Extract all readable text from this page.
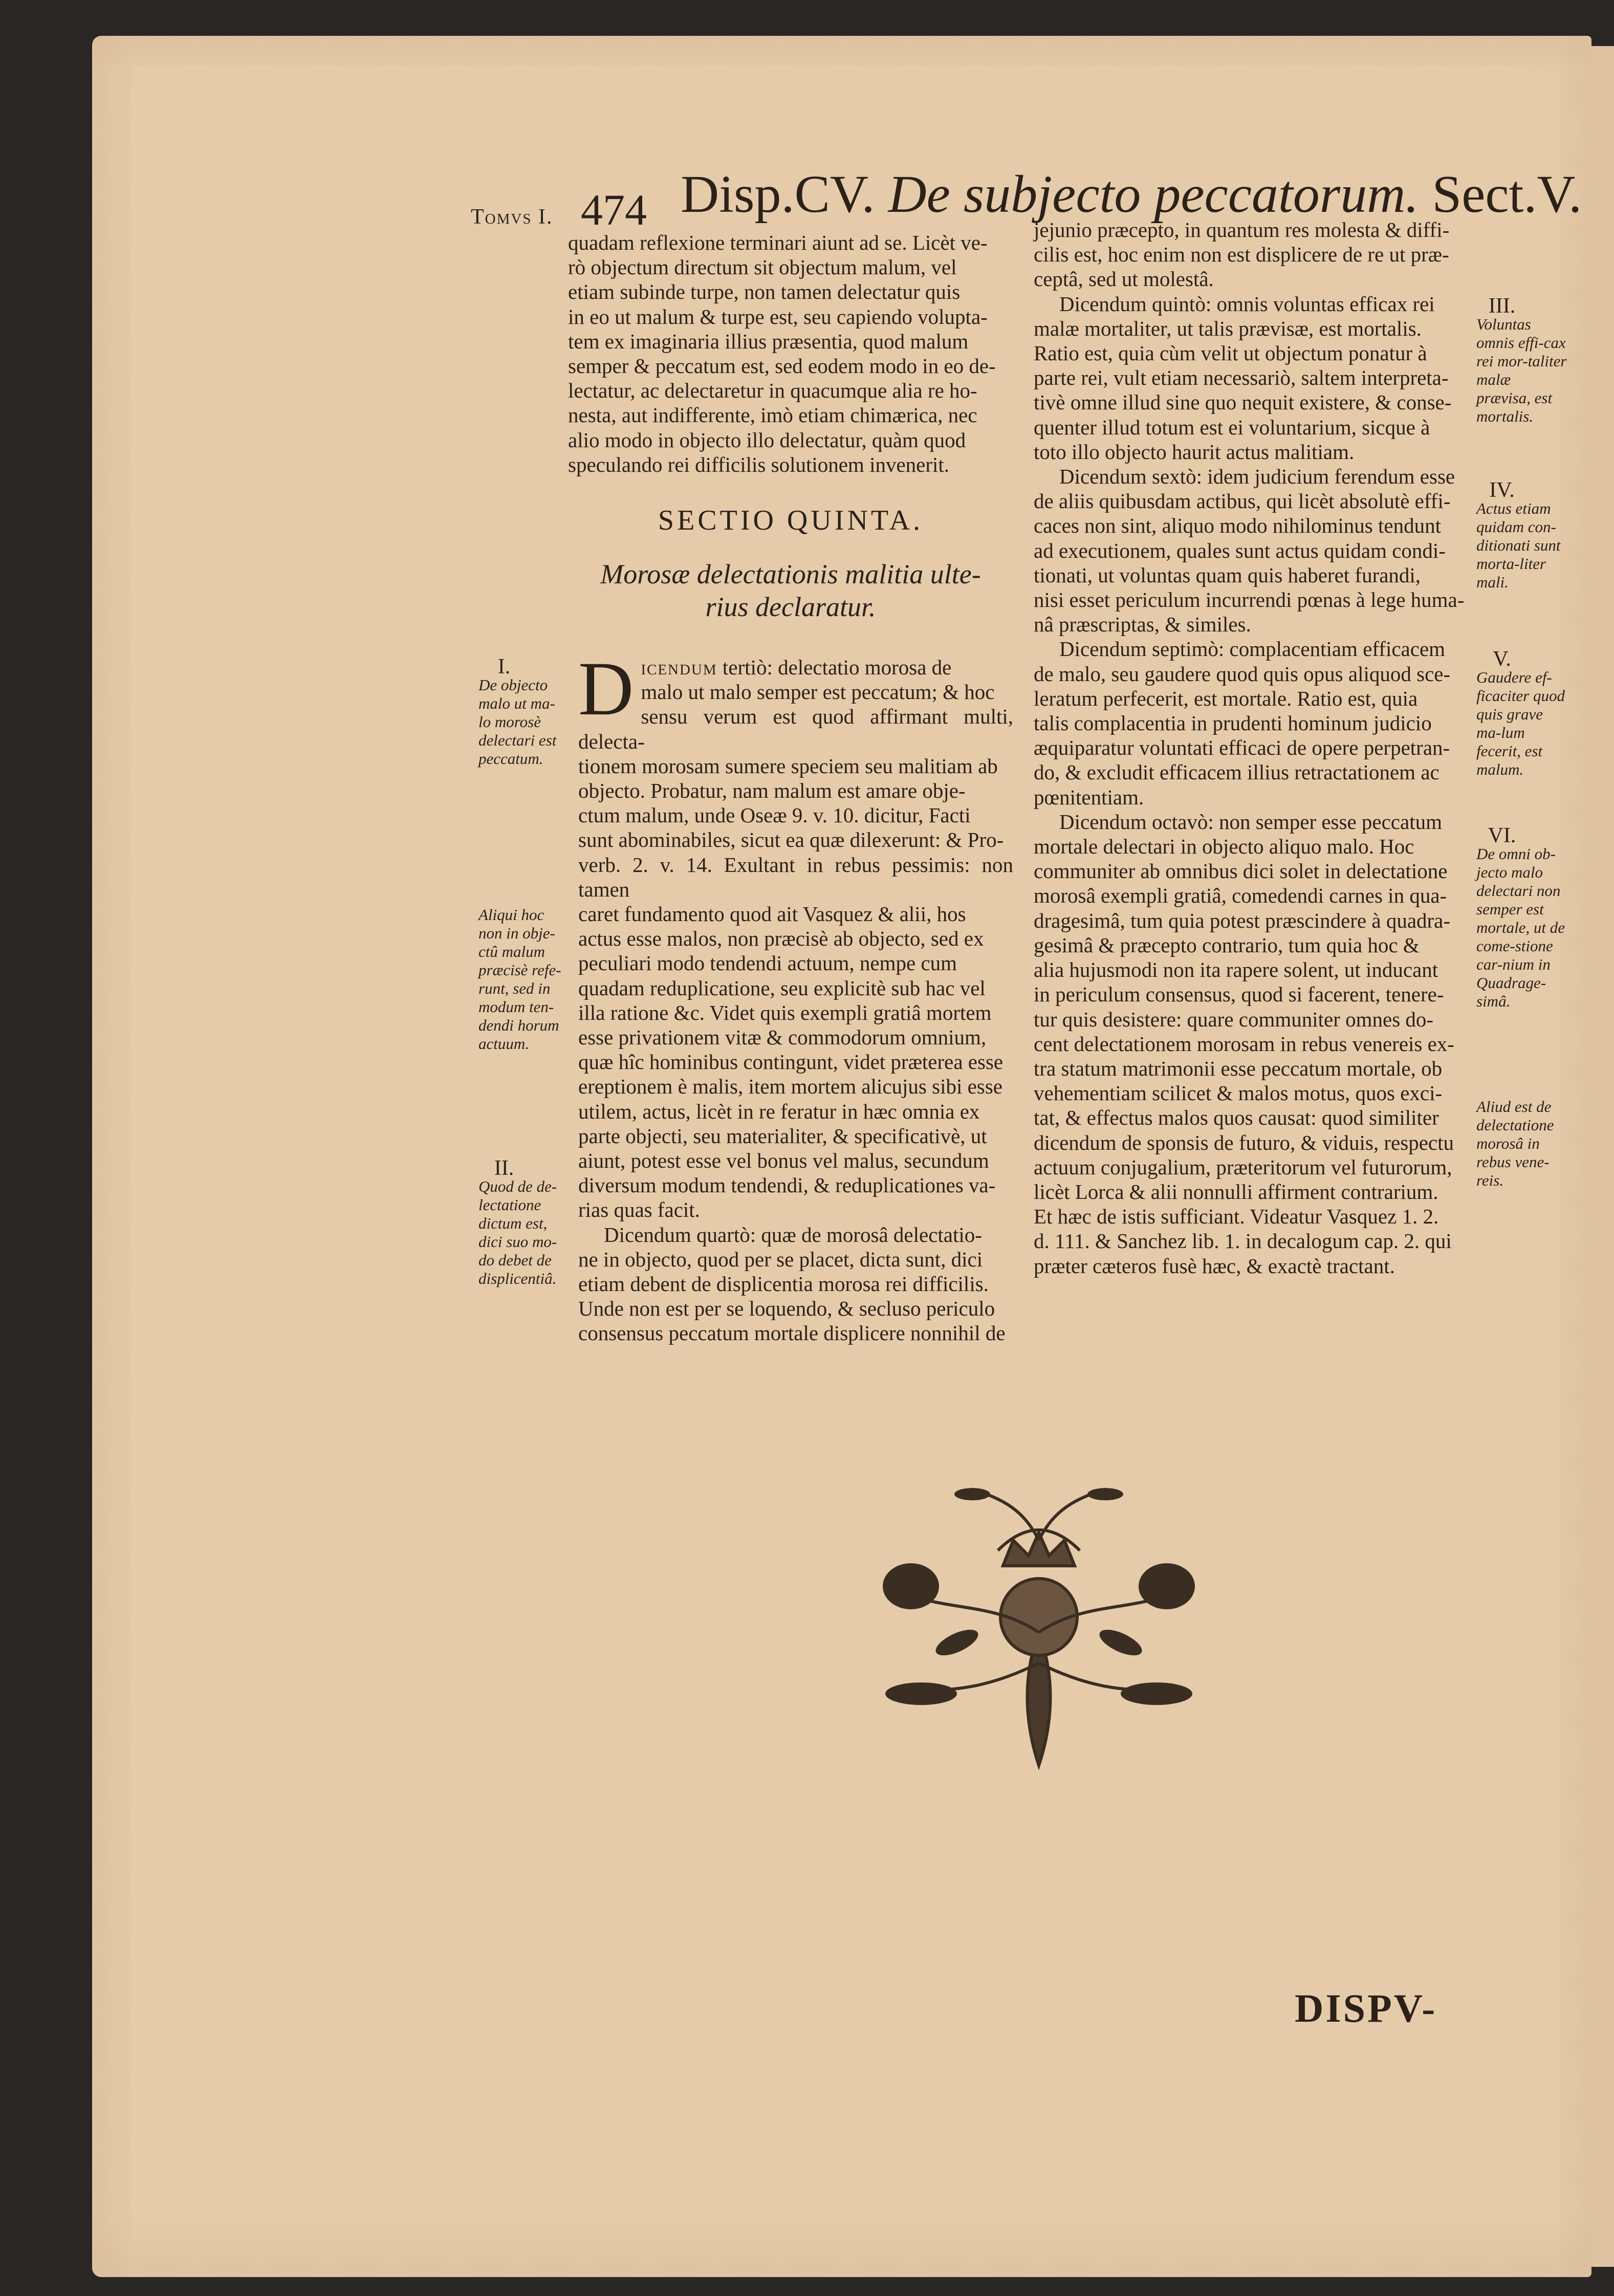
Tomvs I. 474 Disp.CV. De subjecto peccatorum. Sect.V.
quadam reflexione terminari aiunt ad se. Licèt ve-
rò objectum directum sit objectum malum, vel
etiam subinde turpe, non tamen delectatur quis
in eo ut malum & turpe est, seu capiendo volupta-
tem ex imaginaria illius præsentia, quod malum
semper & peccatum est, sed eodem modo in eo de-
lectatur, ac delectaretur in quacumque alia re ho-
nesta, aut indifferente, imò etiam chimærica, nec
alio modo in objecto illo delectatur, quàm quod
speculando rei difficilis solutionem invenerit.
SECTIO QUINTA.
Morosæ delectationis malitia ulte-
rius declaratur.
D icendum tertiò: delectatio morosa de
malo ut malo semper est peccatum; & hoc
sensu verum est quod affirmant multi, delecta-
tionem morosam sumere speciem seu malitiam ab
objecto. Probatur, nam malum est amare obje-
ctum malum, unde Oseæ 9. v. 10. dicitur, Facti
sunt abominabiles, sicut ea quæ dilexerunt: & Pro-
verb. 2. v. 14. Exultant in rebus pessimis: non tamen
caret fundamento quod ait Vasquez & alii, hos
actus esse malos, non præcisè ab objecto, sed ex
peculiari modo tendendi actuum, nempe cum
quadam reduplicatione, seu explicitè sub hac vel
illa ratione &c. Videt quis exempli gratiâ mortem
esse privationem vitæ & commodorum omnium,
quæ hîc hominibus contingunt, videt præterea esse
ereptionem è malis, item mortem alicujus sibi esse
utilem, actus, licèt in re feratur in hæc omnia ex
parte objecti, seu materialiter, & specificativè, ut
aiunt, potest esse vel bonus vel malus, secundum
diversum modum tendendi, & reduplicationes va-
rias quas facit.
Dicendum quartò: quæ de morosâ delectatio-
ne in objecto, quod per se placet, dicta sunt, dici
etiam debent de displicentia morosa rei difficilis.
Unde non est per se loquendo, & secluso periculo
consensus peccatum mortale displicere nonnihil de
jejunio præcepto, in quantum res molesta & diffi-
cilis est, hoc enim non est displicere de re ut præ-
ceptâ, sed ut molestâ.
Dicendum quintò: omnis voluntas efficax rei
malæ mortaliter, ut talis prævisæ, est mortalis.
Ratio est, quia cùm velit ut objectum ponatur à
parte rei, vult etiam necessariò, saltem interpreta-
tivè omne illud sine quo nequit existere, & conse-
quenter illud totum est ei voluntarium, sicque à
toto illo objecto haurit actus malitiam.
Dicendum sextò: idem judicium ferendum esse
de aliis quibusdam actibus, qui licèt absolutè effi-
caces non sint, aliquo modo nihilominus tendunt
ad executionem, quales sunt actus quidam condi-
tionati, ut voluntas quam quis haberet furandi,
nisi esset periculum incurrendi pœnas à lege huma-
nâ præscriptas, & similes.
Dicendum septimò: complacentiam efficacem
de malo, seu gaudere quod quis opus aliquod sce-
leratum perfecerit, est mortale. Ratio est, quia
talis complacentia in prudenti hominum judicio
æquiparatur voluntati efficaci de opere perpetran-
do, & excludit efficacem illius retractationem ac
pœnitentiam.
Dicendum octavò: non semper esse peccatum
mortale delectari in objecto aliquo malo. Hoc
communiter ab omnibus dici solet in delectatione
morosâ exempli gratiâ, comedendi carnes in qua-
dragesimâ, tum quia potest præscindere à quadra-
gesimâ & præcepto contrario, tum quia hoc &
alia hujusmodi non ita rapere solent, ut inducant
in periculum consensus, quod si facerent, tenere-
tur quis desistere: quare communiter omnes do-
cent delectationem morosam in rebus venereis ex-
tra statum matrimonii esse peccatum mortale, ob
vehementiam scilicet & malos motus, quos exci-
tat, & effectus malos quos causat: quod similiter
dicendum de sponsis de futuro, & viduis, respectu
actuum conjugalium, præteritorum vel futurorum,
licèt Lorca & alii nonnulli affirment contrarium.
Et hæc de istis sufficiant. Videatur Vasquez 1. 2.
d. 111. & Sanchez lib. 1. in decalogum cap. 2. qui
præter cæteros fusè hæc, & exactè tractant.
I.
De objecto malo ut ma-lo morosè delectari est peccatum.
Aliqui hoc non in obje-ctû malum præcisè refe-runt, sed in modum ten-dendi horum actuum.
II.
Quod de de-lectatione dictum est, dici suo mo-do debet de displicentiâ.
III.
Voluntas omnis effi-cax rei mor-taliter malæ prævisa, est mortalis.
IV.
Actus etiam quidam con-ditionati sunt morta-liter mali.
V.
Gaudere ef-ficaciter quod quis grave ma-lum fecerit, est malum.
VI.
De omni ob-jecto malo delectari non semper est mortale, ut de come-stione car-nium in Quadrage-simâ.
Aliud est de delectatione morosâ in rebus vene-reis.
DISPV-
